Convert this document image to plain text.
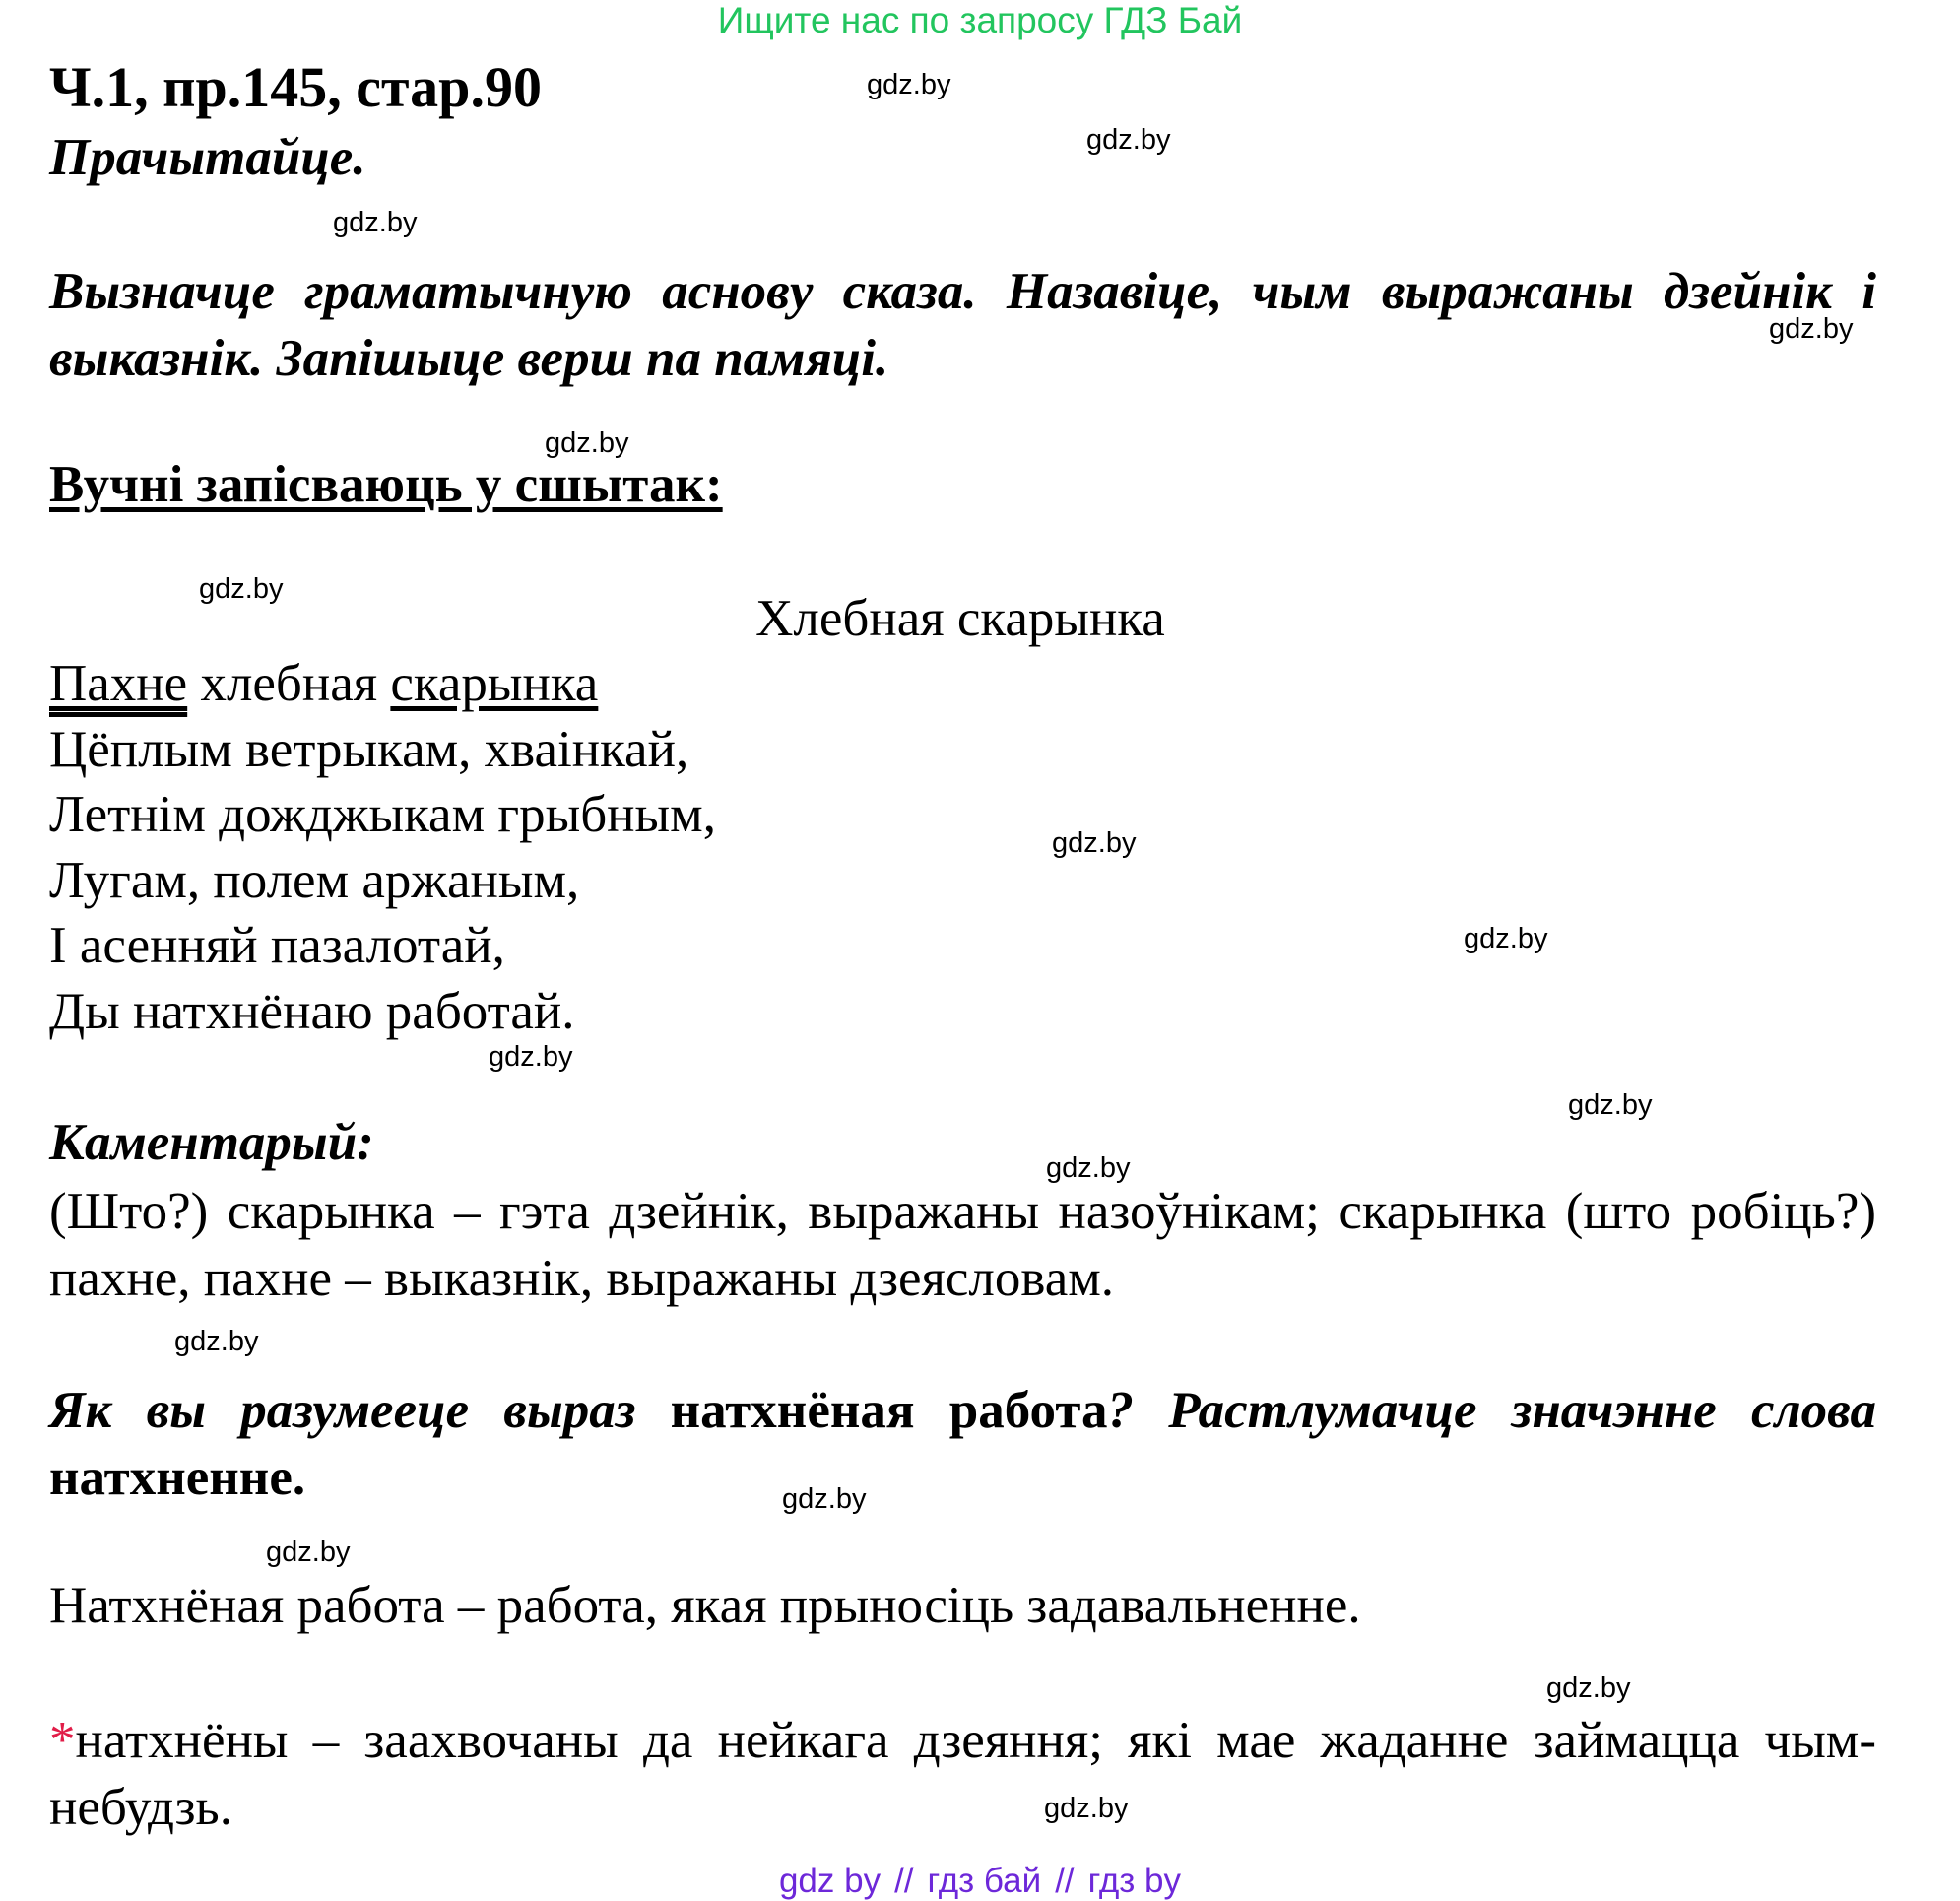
Ищите нас по запросу ГДЗ Бай
Ч.1, пр.145, стар.90
Прачытайце.
Вызначце граматычную аснову сказа. Назавіце, чым выражаны дзейнік і выказнік. Запішыце верш па памяці.
Вучні запісваюць у сшытак:
Хлебная скарынка
Пахне хлебная скарынка
Цёплым ветрыкам, хваінкай,
Летнім дождж​ыкам грыбным,
Лугам, полем аржаным,
І асенняй пазалотай,
Ды натхнёнаю работай.
Каментарый:
(Што?) скарынка – гэта дзейнік, выражаны назоўнікам; скарынка (што робіць?) пахне, пахне – выказнік, выражаны дзеясловам.
Як вы разумееце выраз натхнёная работа? Растлумачце значэнне слова натхненне.
Натхнёная работа – работа, якая прыносіць задавальненне.
*натхнёны – заахвочаны да нейкага дзеяння; які мае жаданне займацца чым-небудзь.
gdz.by
gdz.by
gdz.by
gdz.by
gdz.by
gdz.by
gdz.by
gdz.by
gdz.by
gdz.by
gdz.by
gdz.by
gdz.by
gdz.by
gdz.by
gdz.by
gdz by // гдз бай // гдз by
